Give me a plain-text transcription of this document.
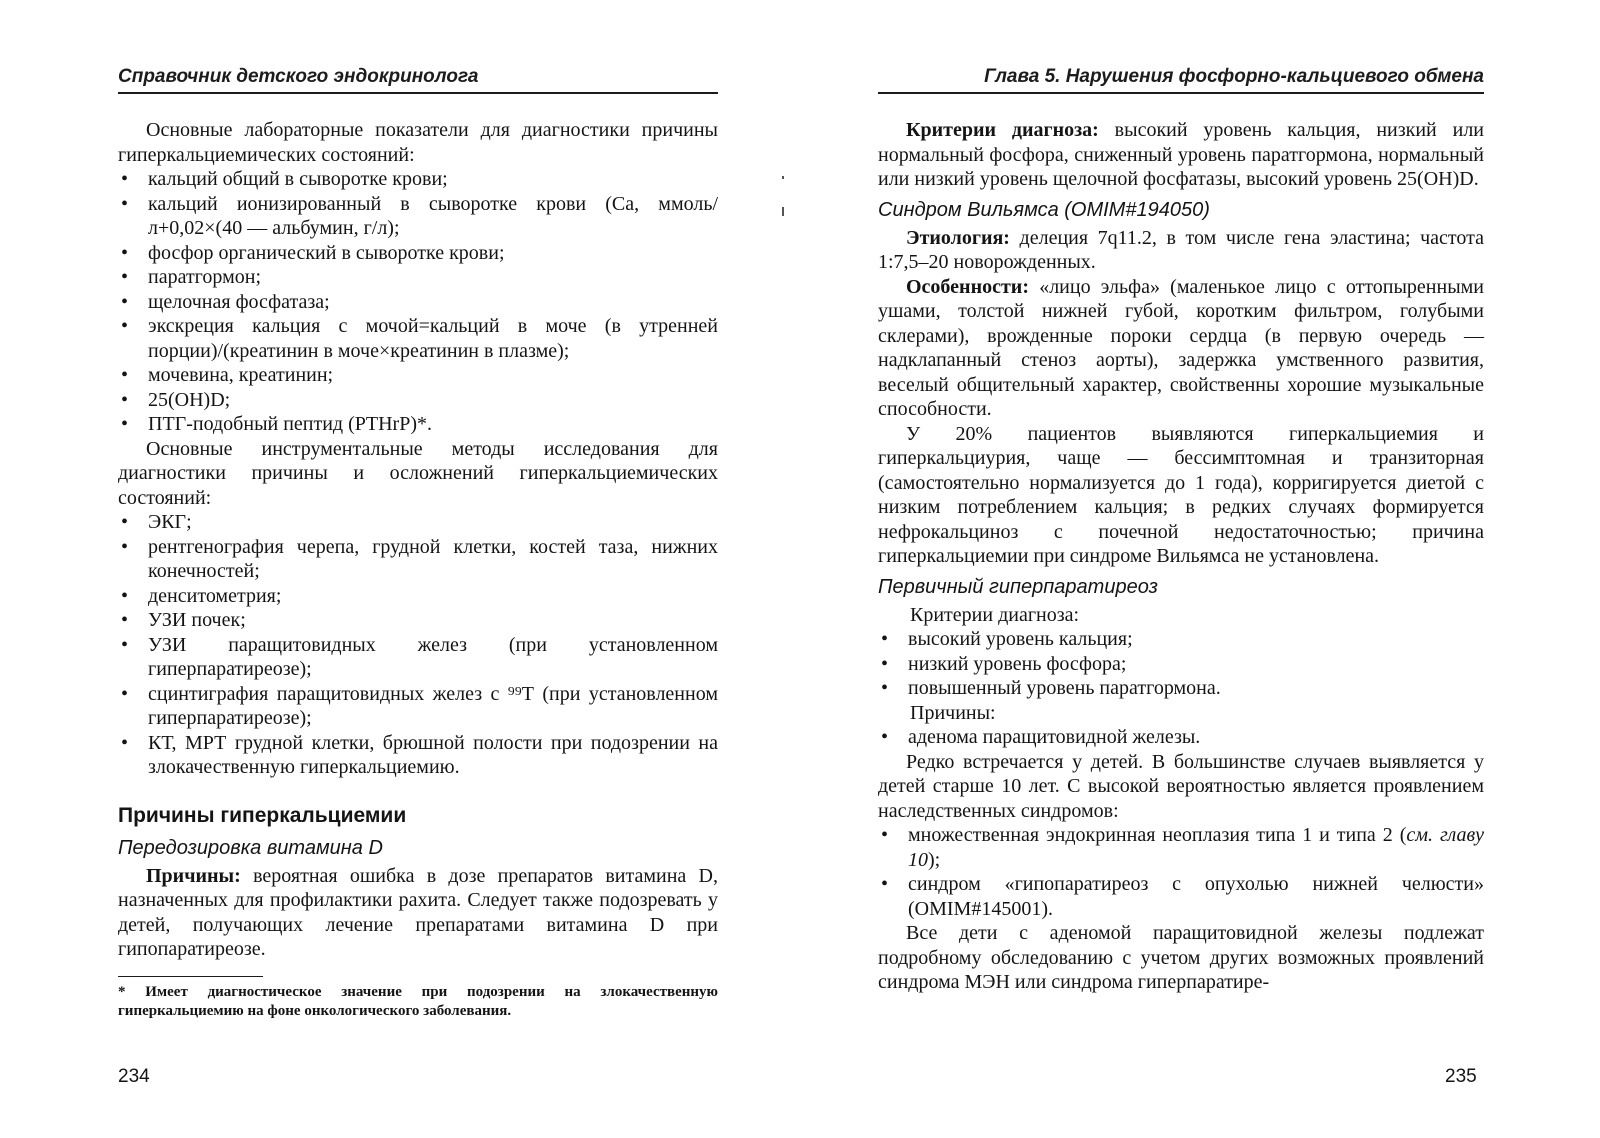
Справочник детского эндокринолога

Основные лабораторные показатели для диагностики причины гиперкальциемических состояний:

• кальций общий в сыворотке крови;
• кальций ионизированный в сыворотке крови (Са, ммоль/л+0,02×(40 — альбумин, г/л);
• фосфор органический в сыворотке крови;
• паратгормон;
• щелочная фосфатаза;
• экскреция кальция с мочой=кальций в моче (в утренней порции)/(креатинин в моче×креатинин в плазме);
• мочевина, креатинин;
• 25(OH)D;
• ПТГ-подобный пептид (PTHrP)*.

Основные инструментальные методы исследования для диагностики причины и осложнений гиперкальциемических состояний:

• ЭКГ;
• рентгенография черепа, грудной клетки, костей таза, нижних конечностей;
• денситометрия;
• УЗИ почек;
• УЗИ паращитовидных желез (при установленном гиперпаратиреозе);
• сцинтиграфия паращитовидных желез с ⁹⁹Т (при установленном гиперпаратиреозе);
• КТ, МРТ грудной клетки, брюшной полости при подозрении на злокачественную гиперкальциемию.
Причины гиперкальциемии
Передозировка витамина D

Причины: вероятная ошибка в дозе препаратов витамина D, назначенных для профилактики рахита. Следует также подозревать у детей, получающих лечение препаратами витамина D при гипопаратиреозе.

* Имеет диагностическое значение при подозрении на злокачественную гиперкальциемию на фоне онкологического заболевания.

234
Глава 5. Нарушения фосфорно-кальциевого обмена

Критерии диагноза: высокий уровень кальция, низкий или нормальный фосфора, сниженный уровень паратгормона, нормальный или низкий уровень щелочной фосфатазы, высокий уровень 25(OH)D.

Синдром Вильямса (OMIM#194050)

Этиология: делеция 7q11.2, в том числе гена эластина; частота 1:7,5–20 новорожденных.

Особенности: «лицо эльфа» (маленькое лицо с оттопыренными ушами, толстой нижней губой, коротким фильтром, голубыми склерами), врожденные пороки сердца (в первую очередь — надклапанный стеноз аорты), задержка умственного развития, веселый общительный характер, свойственны хорошие музыкальные способности.

У 20% пациентов выявляются гиперкальциемия и гиперкальциурия, чаще — бессимптомная и транзиторная (самостоятельно нормализуется до 1 года), корригируется диетой с низким потреблением кальция; в редких случаях формируется нефрокальциноз с почечной недостаточностью; причина гиперкальциемии при синдроме Вильямса не установлена.

Первичный гиперпаратиреоз

Критерии диагноза:

• высокий уровень кальция;
• низкий уровень фосфора;
• повышенный уровень паратгормона.

Причины:

• аденома паращитовидной железы.

Редко встречается у детей. В большинстве случаев выявляется у детей старше 10 лет. С высокой вероятностью является проявлением наследственных синдромов:

• множественная эндокринная неоплазия типа 1 и типа 2 (см. главу 10);
• синдром «гипопаратиреоз с опухолью нижней челюсти» (OMIM#145001).

Все дети с аденомой паращитовидной железы подлежат подробному обследованию с учетом других возможных проявлений синдрома МЭН или синдрома гиперпаратире-

235
